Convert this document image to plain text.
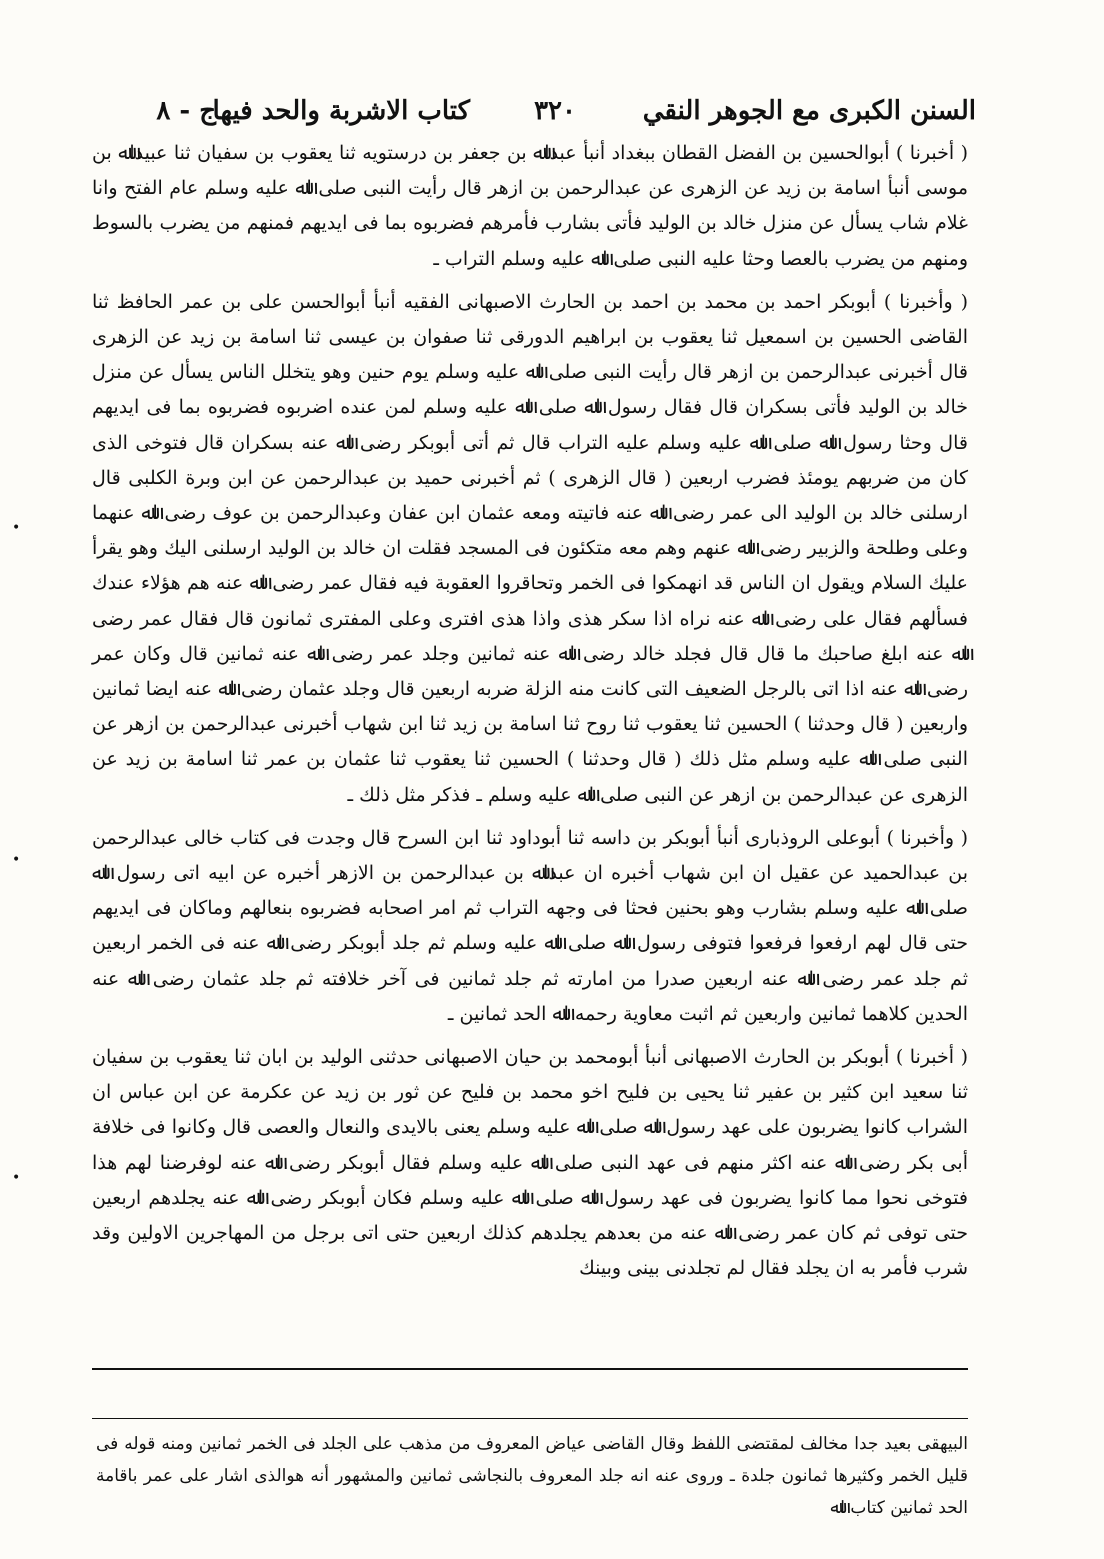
السنن الكبرى مع الجوهر النقي
٣٢٠
كتاب الاشربة والحد فيها
ج - ٨

( أخبرنا ) أبوالحسين بن الفضل القطان ببغداد أنبأ عبداﷲ بن جعفر بن درستويه ثنا يعقوب بن سفيان ثنا عبيداﷲ بن موسى أنبأ اسامة بن زيد عن الزهرى عن عبدالرحمن بن ازهر قال رأيت النبى صلى اﷲ عليه وسلم عام الفتح وانا غلام شاب يسأل عن منزل خالد بن الوليد فأتى بشارب فأمرهم فضربوه بما فى ايديهم فمنهم من يضرب بالسوط ومنهم من يضرب بالعصا وحثا عليه النبى صلى اﷲ عليه وسلم التراب ـ

( وأخبرنا ) أبوبكر احمد بن محمد بن احمد بن الحارث الاصبهانى الفقيه أنبأ أبوالحسن على بن عمر الحافظ ثنا القاضى الحسين بن اسمعيل ثنا يعقوب بن ابراهيم الدورقى ثنا صفوان بن عيسى ثنا اسامة بن زيد عن الزهرى قال أخبرنى عبدالرحمن بن ازهر قال رأيت النبى صلى اﷲ عليه وسلم يوم حنين وهو يتخلل الناس يسأل عن منزل خالد بن الوليد فأتى بسكران قال فقال رسول اﷲ صلى اﷲ عليه وسلم لمن عنده اضربوه فضربوه بما فى ايديهم قال وحثا رسول اﷲ صلى اﷲ عليه وسلم عليه التراب قال ثم أتى أبوبكر رضى اﷲ عنه بسكران قال فتوخى الذى كان من ضربهم يومئذ فضرب اربعين ( قال الزهرى ) ثم أخبرنى حميد بن عبدالرحمن عن ابن وبرة الكلبى قال ارسلنى خالد بن الوليد الى عمر رضى اﷲ عنه فاتيته ومعه عثمان ابن عفان وعبدالرحمن بن عوف رضى اﷲ عنهما وعلى وطلحة والزبير رضى اﷲ عنهم وهم معه متكئون فى المسجد فقلت ان خالد بن الوليد ارسلنى اليك وهو يقرأ عليك السلام ويقول ان الناس قد انهمكوا فى الخمر وتحاقروا العقوبة فيه فقال عمر رضى اﷲ عنه هم هؤلاء عندك فسألهم فقال على رضى اﷲ عنه نراه اذا سكر هذى واذا هذى افترى وعلى المفترى ثمانون قال فقال عمر رضى اﷲ عنه ابلغ صاحبك ما قال قال فجلد خالد رضى اﷲ عنه ثمانين وجلد عمر رضى اﷲ عنه ثمانين قال وكان عمر رضى اﷲ عنه اذا اتى بالرجل الضعيف التى كانت منه الزلة ضربه اربعين قال وجلد عثمان رضى اﷲ عنه ايضا ثمانين واربعين ( قال وحدثنا ) الحسين ثنا يعقوب ثنا روح ثنا اسامة بن زيد ثنا ابن شهاب أخبرنى عبدالرحمن بن ازهر عن النبى صلى اﷲ عليه وسلم مثل ذلك ( قال وحدثنا ) الحسين ثنا يعقوب ثنا عثمان بن عمر ثنا اسامة بن زيد عن الزهرى عن عبدالرحمن بن ازهر عن النبى صلى اﷲ عليه وسلم ـ فذكر مثل ذلك ـ

( وأخبرنا ) أبوعلى الروذبارى أنبأ أبوبكر بن داسه ثنا أبوداود ثنا ابن السرح قال وجدت فى كتاب خالى عبدالرحمن بن عبدالحميد عن عقيل ان ابن شهاب أخبره ان عبداﷲ بن عبدالرحمن بن الازهر أخبره عن ابيه اتى رسول اﷲ صلى اﷲ عليه وسلم بشارب وهو بحنين فحثا فى وجهه التراب ثم امر اصحابه فضربوه بنعالهم وماكان فى ايديهم حتى قال لهم ارفعوا فرفعوا فتوفى رسول اﷲ صلى اﷲ عليه وسلم ثم جلد أبوبكر رضى اﷲ عنه فى الخمر اربعين ثم جلد عمر رضى اﷲ عنه اربعين صدرا من امارته ثم جلد ثمانين فى آخر خلافته ثم جلد عثمان رضى اﷲ عنه الحدين كلاهما ثمانين واربعين ثم اثبت معاوية رحمه اﷲ الحد ثمانين ـ

( أخبرنا ) أبوبكر بن الحارث الاصبهانى أنبأ أبومحمد بن حيان الاصبهانى حدثنى الوليد بن ابان ثنا يعقوب بن سفيان ثنا سعيد ابن كثير بن عفير ثنا يحيى بن فليح اخو محمد بن فليح عن ثور بن زيد عن عكرمة عن ابن عباس ان الشراب كانوا يضربون على عهد رسول اﷲ صلى اﷲ عليه وسلم يعنى بالايدى والنعال والعصى قال وكانوا فى خلافة أبى بكر رضى اﷲ عنه اكثر منهم فى عهد النبى صلى اﷲ عليه وسلم فقال أبوبكر رضى اﷲ عنه لوفرضنا لهم هذا فتوخى نحوا مما كانوا يضربون فى عهد رسول اﷲ صلى اﷲ عليه وسلم فكان أبوبكر رضى اﷲ عنه يجلدهم اربعين حتى توفى ثم كان عمر رضى اﷲ عنه من بعدهم يجلدهم كذلك اربعين حتى اتى برجل من المهاجرين الاولين وقد شرب فأمر به ان يجلد فقال لم تجلدنى بينى وبينك

البيهقى بعيد جدا مخالف لمقتضى اللفظ وقال القاضى عياض المعروف من مذهب على الجلد فى الخمر ثمانين ومنه قوله فى قليل الخمر وكثيرها ثمانون جلدة ـ وروى عنه انه جلد المعروف بالنجاشى ثمانين والمشهور أنه هوالذى اشار على عمر باقامة الحد ثمانين كتاب اﷲ
•
•
•
